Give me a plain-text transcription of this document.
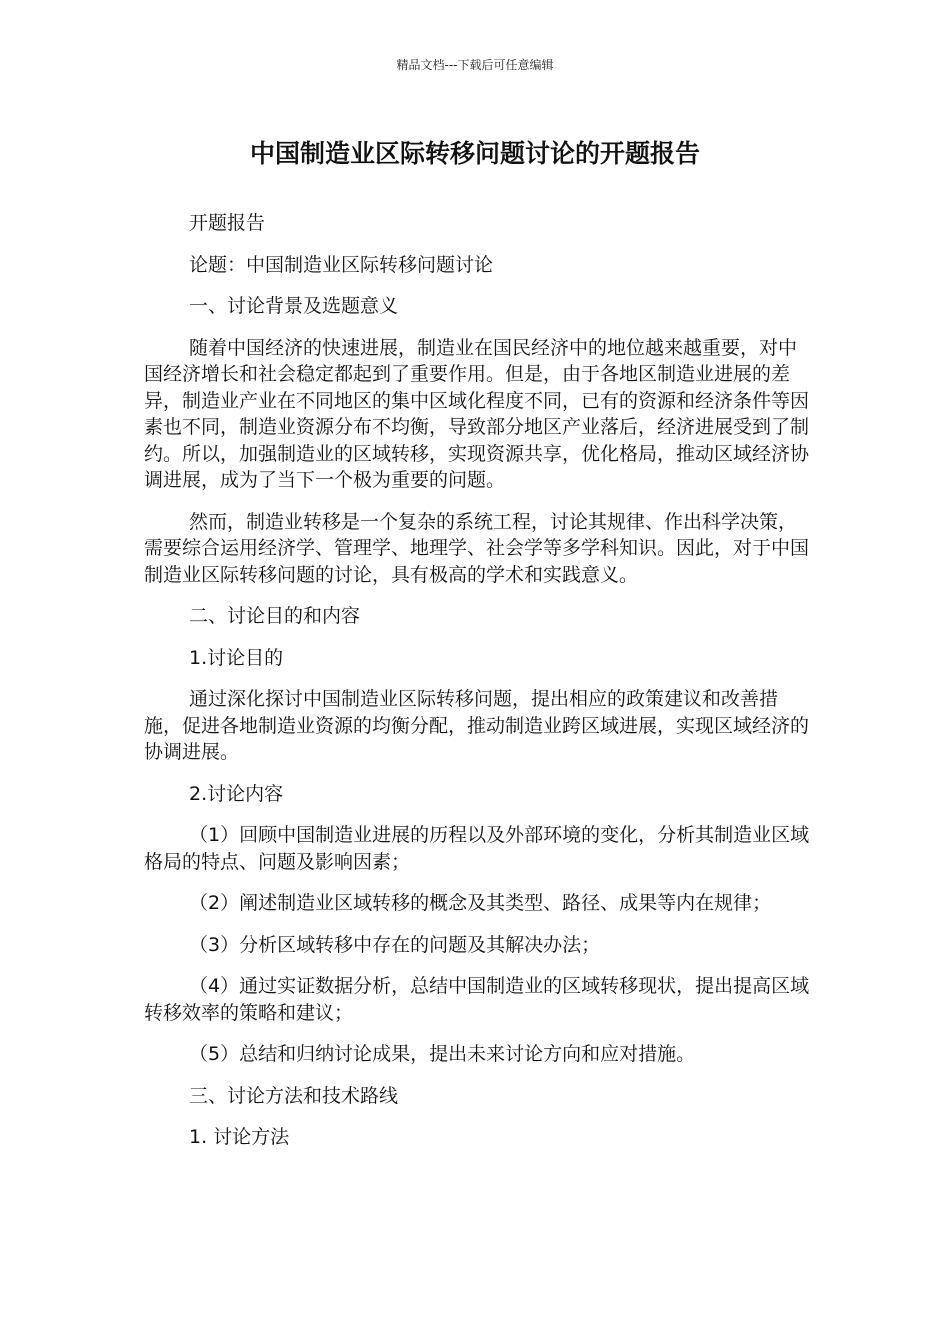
精品文档---下载后可任意编辑
中国制造业区际转移问题讨论的开题报告

开题报告

论题：中国制造业区际转移问题讨论

一、讨论背景及选题意义

随着中国经济的快速进展，制造业在国民经济中的地位越来越重要，对中国经济增长和社会稳定都起到了重要作用。但是，由于各地区制造业进展的差异，制造业产业在不同地区的集中区域化程度不同，已有的资源和经济条件等因素也不同，制造业资源分布不均衡，导致部分地区产业落后，经济进展受到了制约。所以，加强制造业的区域转移，实现资源共享，优化格局，推动区域经济协调进展，成为了当下一个极为重要的问题。

然而，制造业转移是一个复杂的系统工程，讨论其规律、作出科学决策，需要综合运用经济学、管理学、地理学、社会学等多学科知识。因此，对于中国制造业区际转移问题的讨论，具有极高的学术和实践意义。

二、讨论目的和内容

1.讨论目的

通过深化探讨中国制造业区际转移问题，提出相应的政策建议和改善措施，促进各地制造业资源的均衡分配，推动制造业跨区域进展，实现区域经济的协调进展。

2.讨论内容

（1）回顾中国制造业进展的历程以及外部环境的变化，分析其制造业区域格局的特点、问题及影响因素；

（2）阐述制造业区域转移的概念及其类型、路径、成果等内在规律；

（3）分析区域转移中存在的问题及其解决办法；

（4）通过实证数据分析，总结中国制造业的区域转移现状，提出提高区域转移效率的策略和建议；

（5）总结和归纳讨论成果，提出未来讨论方向和应对措施。

三、讨论方法和技术路线

1. 讨论方法
